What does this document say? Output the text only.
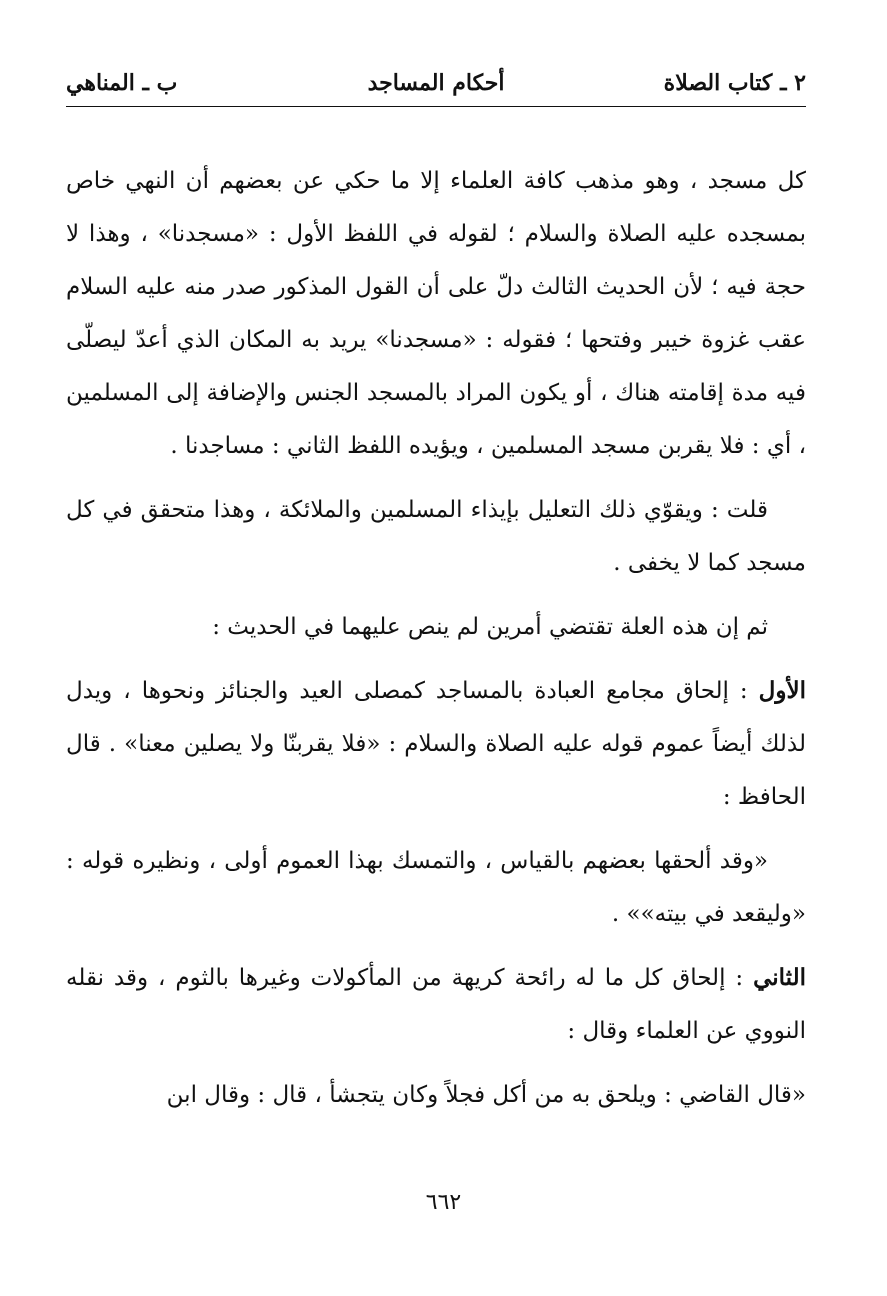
٢ ـ كتاب الصلاة
أحكام المساجد
ب ـ المناهي

كل مسجد ، وهو مذهب كافة العلماء إلا ما حكي عن بعضهم أن النهي خاص بمسجده عليه الصلاة والسلام ؛ لقوله في اللفظ الأول : «مسجدنا» ، وهذا لا حجة فيه ؛ لأن الحديث الثالث دلّ على أن القول المذكور صدر منه عليه السلام عقب غزوة خيبر وفتحها ؛ فقوله : «مسجدنا» يريد به المكان الذي أعدّ ليصلّى فيه مدة إقامته هناك ، أو يكون المراد بالمسجد الجنس والإضافة إلى المسلمين ، أي : فلا يقربن مسجد المسلمين ، ويؤيده اللفظ الثاني : مساجدنا .

قلت : ويقوّي ذلك التعليل بإيذاء المسلمين والملائكة ، وهذا متحقق في كل مسجد كما لا يخفى .

ثم إن هذه العلة تقتضي أمرين لم ينص عليهما في الحديث :

الأول : إلحاق مجامع العبادة بالمساجد كمصلى العيد والجنائز ونحوها ، ويدل لذلك أيضاً عموم قوله عليه الصلاة والسلام : «فلا يقربنّا ولا يصلين معنا» . قال الحافظ :

«وقد ألحقها بعضهم بالقياس ، والتمسك بهذا العموم أولى ، ونظيره قوله : «وليقعد في بيته»» .

الثاني : إلحاق كل ما له رائحة كريهة من المأكولات وغيرها بالثوم ، وقد نقله النووي عن العلماء وقال :

«قال القاضي : ويلحق به من أكل فجلاً وكان يتجشأ ، قال : وقال ابن

٦٦٢
